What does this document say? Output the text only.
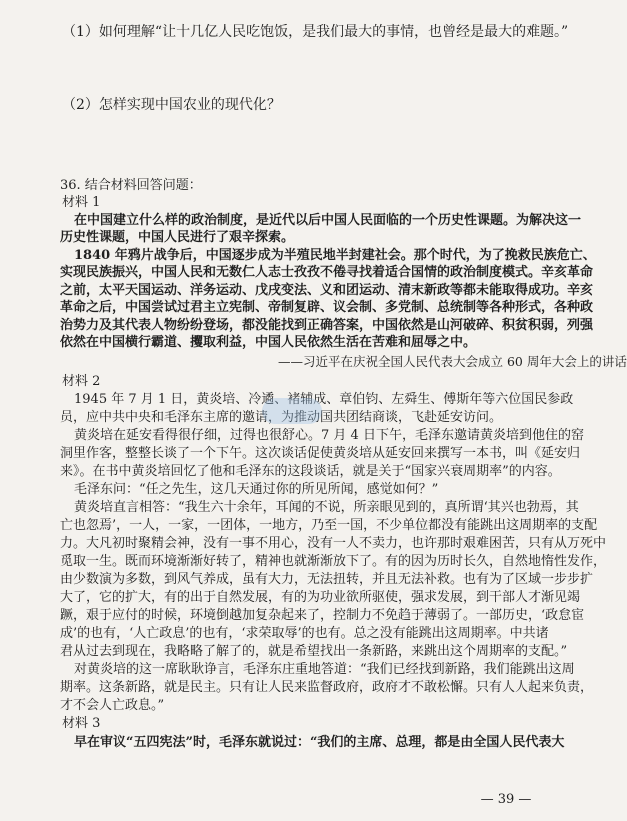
（1）如何理解“让十几亿人民吃饱饭，是我们最大的事情，也曾经是最大的难题。”
（2）怎样实现中国农业的现代化？
36. 结合材料回答问题：
材料 1
在中国建立什么样的政治制度，是近代以后中国人民面临的一个历史性课题。为解决这一
历史性课题，中国人民进行了艰辛探索。
1840 年鸦片战争后，中国逐步成为半殖民地半封建社会。那个时代，为了挽救民族危亡、
实现民族振兴，中国人民和无数仁人志士孜孜不倦寻找着适合国情的政治制度模式。辛亥革命
之前，太平天国运动、洋务运动、戊戌变法、义和团运动、清末新政等都未能取得成功。辛亥
革命之后，中国尝试过君主立宪制、帝制复辟、议会制、多党制、总统制等各种形式，各种政
治势力及其代表人物纷纷登场，都没能找到正确答案，中国依然是山河破碎、积贫积弱，列强
依然在中国横行霸道、攫取利益，中国人民依然生活在苦难和屈辱之中。
——习近平在庆祝全国人民代表大会成立 60 周年大会上的讲话
材料 2
1945 年 7 月 1 日，黄炎培、冷遹、褚辅成、章伯钧、左舜生、傅斯年等六位国民参政
员，应中共中央和毛泽东主席的邀请，为推动国共团结商谈，飞赴延安访问。
黄炎培在延安看得很仔细，过得也很舒心。7 月 4 日下午，毛泽东邀请黄炎培到他住的窑
洞里作客，整整长谈了一个下午。这次谈话促使黄炎培从延安回来撰写一本书，叫《延安归
来》。在书中黄炎培回忆了他和毛泽东的这段谈话，就是关于“国家兴衰周期率”的内容。
毛泽东问：“任之先生，这几天通过你的所见所闻，感觉如何？”
黄炎培直言相答：“我生六十余年，耳闻的不说，所亲眼见到的，真所谓‘其兴也勃焉，其
亡也忽焉’，一人，一家，一团体，一地方，乃至一国，不少单位都没有能跳出这周期率的支配
力。大凡初时聚精会神，没有一事不用心，没有一人不卖力，也许那时艰难困苦，只有从万死中
觅取一生。既而环境渐渐好转了，精神也就渐渐放下了。有的因为历时长久，自然地惰性发作，
由少数演为多数，到风气养成，虽有大力，无法扭转，并且无法补救。也有为了区域一步步扩
大了，它的扩大，有的出于自然发展，有的为功业欲所驱使，强求发展，到干部人才渐见竭
蹶，艰于应付的时候，环境倒越加复杂起来了，控制力不免趋于薄弱了。一部历史，‘政怠宦
成’的也有，‘人亡政息’的也有，‘求荣取辱’的也有。总之没有能跳出这周期率。中共诸
君从过去到现在，我略略了解了的，就是希望找出一条新路，来跳出这个周期率的支配。”
对黄炎培的这一席耿耿诤言，毛泽东庄重地答道：“我们已经找到新路，我们能跳出这周
期率。这条新路，就是民主。只有让人民来监督政府，政府才不敢松懈。只有人人起来负责，
才不会人亡政息。”
材料 3
早在审议“五四宪法”时，毛泽东就说过：“我们的主席、总理，都是由全国人民代表大
— 39 —
